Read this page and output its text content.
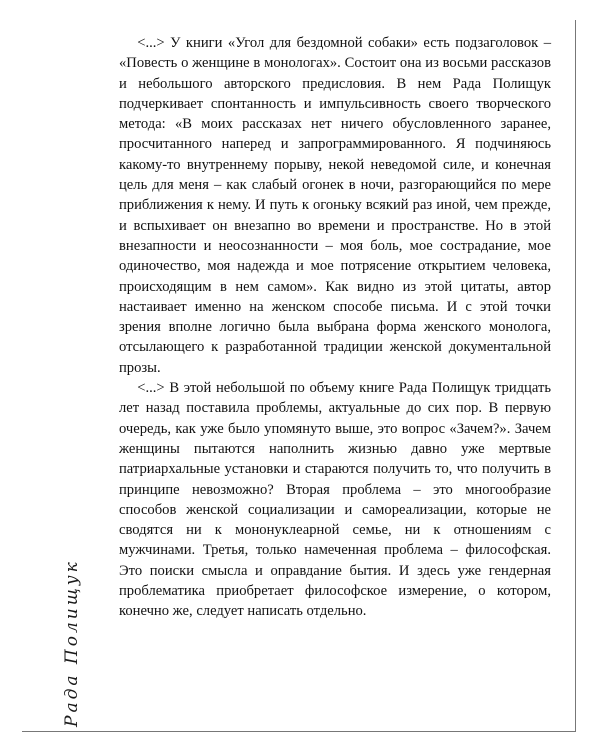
<...> У книги «Угол для бездомной собаки» есть подзаголовок – «Повесть о женщине в монологах». Состоит она из восьми рассказов и небольшого авторского предисловия. В нем Рада Полищук подчеркивает спонтанность и импульсивность своего творческого метода: «В моих рассказах нет ничего обусловленного заранее, просчитанного наперед и запрограммированного. Я подчиняюсь какому-то внутреннему порыву, некой неведомой силе, и конечная цель для меня – как слабый огонек в ночи, разгорающийся по мере приближения к нему. И путь к огоньку всякий раз иной, чем прежде, и вспыхивает он внезапно во времени и пространстве. Но в этой внезапности и неосознанности – моя боль, мое сострадание, мое одиночество, моя надежда и мое потрясение открытием человека, происходящим в нем самом». Как видно из этой цитаты, автор настаивает именно на женском способе письма. И с этой точки зрения вполне логично была выбрана форма женского монолога, отсылающего к разработанной традиции женской документальной прозы.

<...> В этой небольшой по объему книге Рада Полищук тридцать лет назад поставила проблемы, актуальные до сих пор. В первую очередь, как уже было упомянуто выше, это вопрос «Зачем?». Зачем женщины пытаются наполнить жизнью давно уже мертвые патриархальные установки и стараются получить то, что получить в принципе невозможно? Вторая проблема – это многообразие способов женской социализации и самореализации, которые не сводятся ни к мононуклеарной семье, ни к отношениям с мужчинами. Третья, только намеченная проблема – философская. Это поиски смысла и оправдание бытия. И здесь уже гендерная проблематика приобретает философское измерение, о котором, конечно же, следует написать отдельно.

Рада Полищук
